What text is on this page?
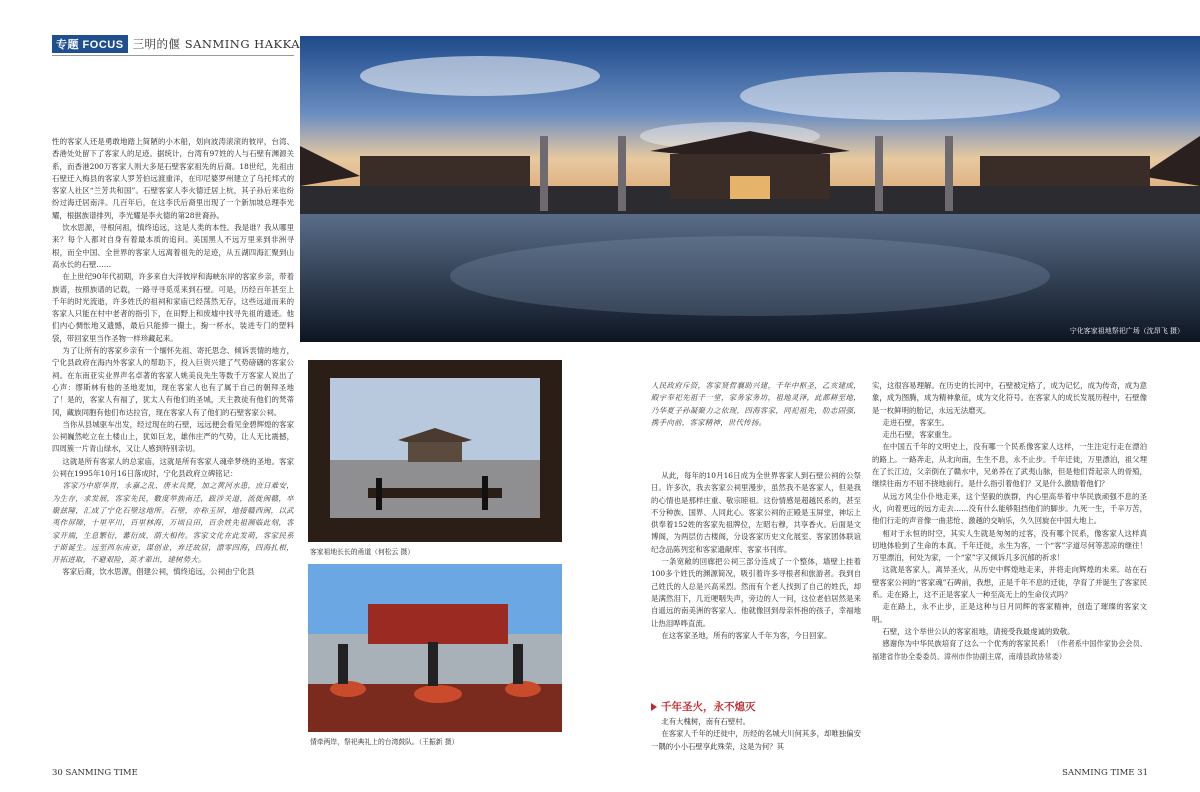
专题 FOCUS 三明的偃 SANMING HAKKA

性的客家人还是勇敢地踏上简陋的小木船，划向波涛滚滚的彼岸，台湾、香港处处留下了客家人的足迹。据统计，台湾有97姓的人与石壁有渊源关系，而香港200万客家人则大多是石壁客家祖先的后裔。18世纪，先祖由石壁迁入梅县的客家人罗芳伯远渡重洋，在印尼婆罗州建立了乌托邦式的客家人社区“兰芳共和国”。石壁客家人李火德迁居上杭，其子孙后来也纷纷过海迁居南洋。几百年后，在这李氏后裔里出现了一个新加坡总理李光耀，根据族谱排列，李光耀是李火德的第28世裔孙。

饮水思源，寻根问祖，慎终追远，这是人类的本性。我是谁？我从哪里来？每个人都对自身有着最本质的追问。美国黑人不远万里来到非洲寻根，而全中国、全世界的客家人远离着祖先的足迹，从五湖四海汇聚到山高水长的石壁……

在上世纪90年代初期，许多来自大洋彼岸和海峡东岸的客家乡亲，带着族谱，按照族谱的记载，一路寻寻觅觅来到石壁。可是，历经百年甚至上千年的时光流逝，许多姓氏的祖祠和家庙已经荡然无存，这些远道而来的客家人只能在村中老者的指引下，在田野上和废墟中找寻先祖的遗迹。他们内心惆怅地又遗憾，最后只能捧一撮土，掬一杯水，装进专门的塑料袋，带回家里当作圣物一样珍藏起来。

为了让所有的客家乡亲有一个缅怀先祖、寄托思念、倾诉衷情的地方，宁化县政府在海内外客家人的帮助下，投入巨资兴建了气势磅礴的客家公祠。在东南亚实业界声名卓著的客家人姚美良先生等数千万客家人说出了心声：缪斯林有他的圣地麦加，现在客家人也有了属于自己的朝拜圣地了！是的，客家人有福了，犹太人有他们的圣城，天主教徒有他们的梵蒂冈，藏族同胞有他们布达拉宫，现在客家人有了他们的石壁客家公祠。

当你从县城驱车出发，经过现在的石壁，远远便会看见金碧辉煌的客家公祠巍然屹立在土楼山上，犹如巨龙，雄伟庄严的气势，让人无比震撼，四周簇一片青山绿水，又让人感到特别亲切。

这就是所有客家人的总家庙，这就是所有客家人魂牵梦绕的圣地。客家公祠在1995年10月16日落成时，宁化县政府立碑铭记：

客家乃中原华胄，永嘉之乱、唐末兵燹，加之黄河水患，庶日难安，为生存，求发展，客家先民，數度举族南迁，跋涉关道，流徙闽赣，卒聚兹陲，汇成了宁化石壁这地所。石壁，亦称玉屏，地接赣西闽，以武夷作屏障，十里平川，百里林海，万顷良田，百余姓先祖濒临此刻，客家开端，生息繁衍，蕃衍成，荫大相传。客家文化在此发萌，客家民系于斯诞生。远至西东南亚，谋创业，弃迁故居，漂零四海，四海扎根，开拓进取，不避艰险，英才辈出，建树势大。

客家后裔，饮水思源，倡建公祠，慎终追远，公祠由宁化县

宁化客家祖地祭祀广场（沈昂飞 摄）
客家祖地长长的甬道（何松云 摄）
情牵两岸，祭祀典礼上的台湾鼓队。（王振新 摄）

人民政府斥资，客家贤哲襄助兴建，千年中枢圣，乙亥建成，殿宇奉祀先祖千一堂，家务家务坊，祖地灵泽，此都耕至地，乃华夏子孙凝聚力之依现，四海客家，同祀祖先，肋志固强，携手向前，客家精神，世代传扬。

从此，每年的10月16日成为全世界客家人到石壁公祠的公祭日。许多次，我去客家公祠里漫步，虽然我不是客家人，但是我的心情也是那样庄重、敬宗睦祖。这份情感是超越民系的，甚至不分种族、国界、人同此心。客家公祠的正殿是玉屏堂，神坛上供奉着152姓的客家先祖牌位，左昭右穆，共享香火。后面是文博阁，为两层仿古楼阁，分设客家历史文化展室、客家团体联谊纪念品陈列室和客家遗献库、客家书刊库。

一条宽敞的回廊把公祠三部分连成了一个整体，墙壁上挂着100多个姓氏的渊源简况，吸引着许多寻根者和旅游者。我到自己姓氏的人总是兴高采烈。然而有个老人找到了自己的姓氏，却是满然泪下，几近哽咽失声，旁边的人一问，这位老伯居然是来自遥远的南美洲的客家人。他就像回到母亲怀抱的孩子，幸福地让热泪哗哗直流。

在这客家圣地，所有的客家人千年为客，今日回家。

千年圣火，永不熄灭

北有大槐树，南有石壁村。

在客家人千年的迁徙中，历经的名城大川何其多，却唯独偏安一隅的小小石壁享此殊荣，这是为何？其

实，这很容易理解。在历史的长河中，石壁被定格了，成为记忆，成为传奇，成为意象，成为图腾，成为精神象征，成为文化符号。在客家人的成长发展历程中，石壁像是一枚鲜明的胎记，永远无法磨灭。

走进石壁，客家生。

走出石壁，客家重生。

在中国五千年的文明史上，没有哪一个民系像客家人这样，一生注定行走在漂泊的路上。一路奔走，从北向南，生生不息，永不止步。千年迁徙，万里漂泊，祖父埋在了长江边，父亲倒在了赣水中，兄弟养在了武夷山脉，但是他们背起亲人的骨殖，继续往南方不屈不挠地前行。是什么指引着他们？又是什么激励着他们？

从远方风尘仆仆地走来，这个坚毅的族群，内心里高举着中华民族顽强不息的圣火，向着更远的远方走去……没有什么能够阻挡他们的脚步。九死一生，千辛万苦，他们行走的声音像一曲悲怆、激越的交响乐，久久回旋在中国大地上。

相对于永恒的时空，其实人生就是匆匆的过客，没有哪个民系，像客家人这样真切地体验到了生命的本真。千年迁徙，永生为客，一个“客”字道尽何等悲凉的继往！万里漂泊，何处为家，一个“家”字又倾诉几多沉郁的祈求！

这就是客家人，离异圣火，从历史中辉煌地走来，并将走向辉煌的未来。站在石壁客家公祠的“客家魂”石碑前，我想，正是千年不息的迁徙，孕育了并诞生了客家民系。走在路上，这不正是客家人一种至高无上的生命仪式吗？

走在路上，永不止步，正是这种与日月同辉的客家精神，创造了璀璨的客家文明。

石壁，这个举世公认的客家祖地，请接受我最虔诚的致敬。

感谢你为中华民族培育了这么一个优秀的客家民系！（作者系中国作家协会会员、福建省作协全委委员、漳州市作协副主席，南靖县政协常委）

30 SANMING TIME	SANMING TIME 31
